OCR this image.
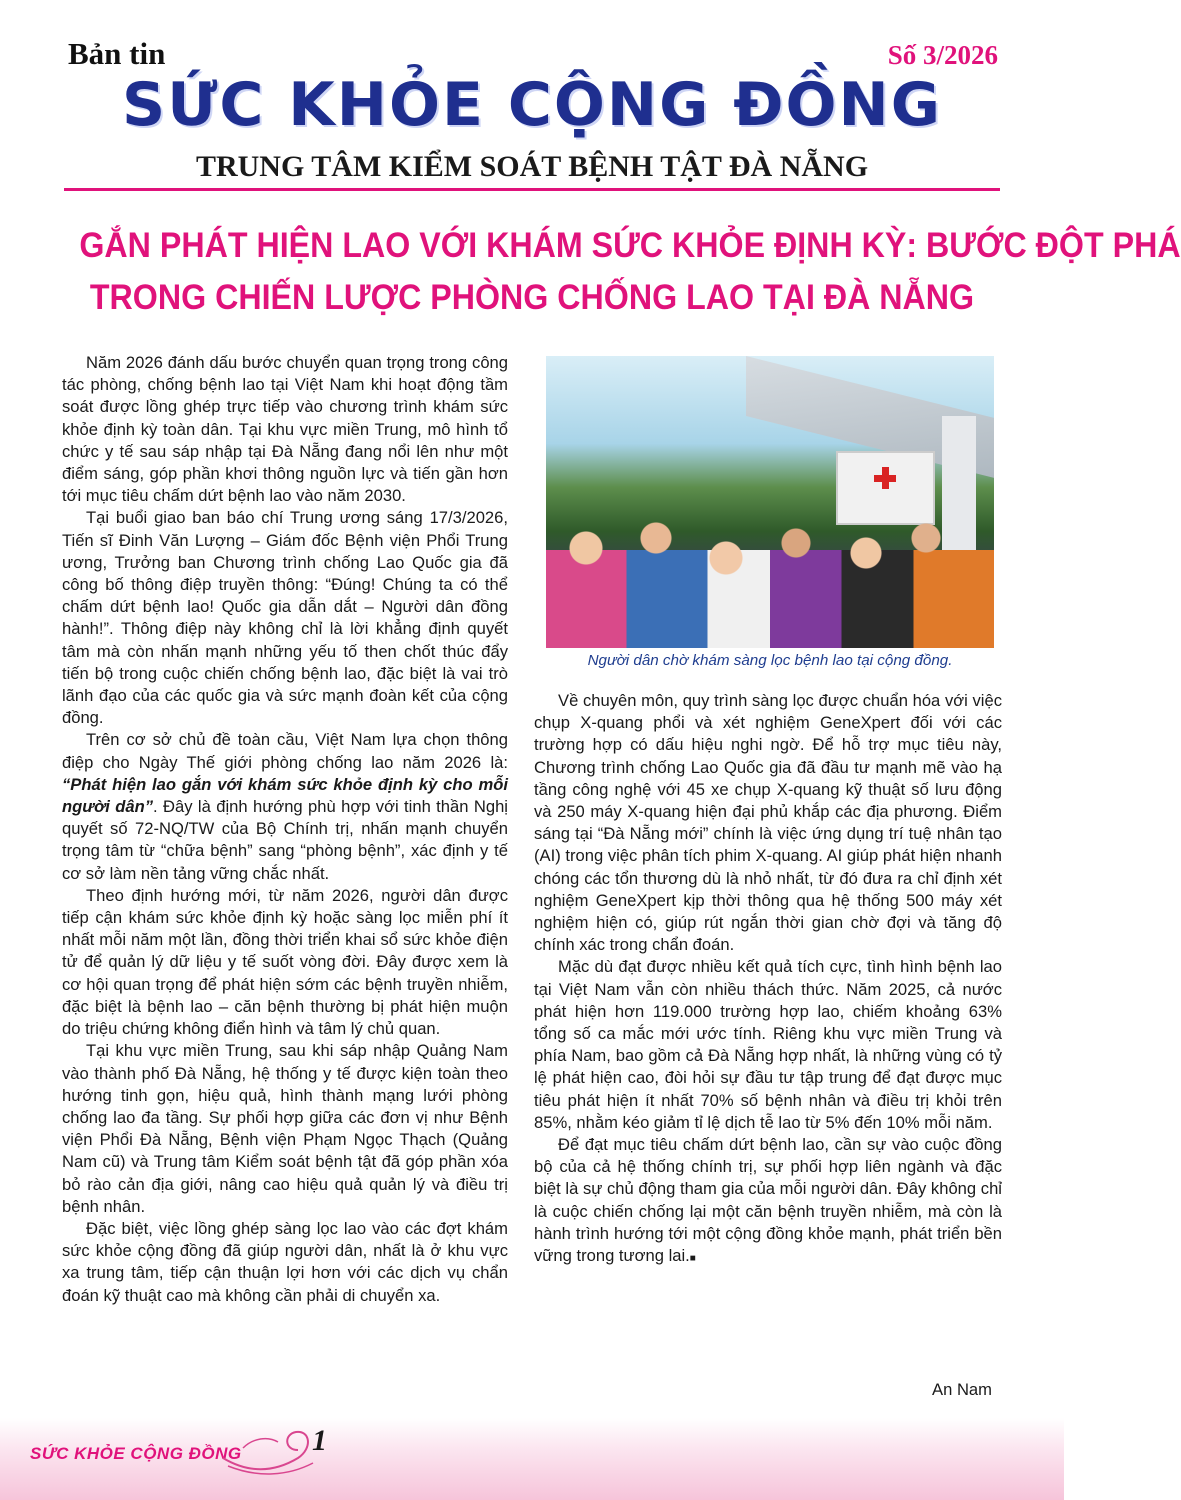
Bản tin	Số 3/2026
SỨC KHỎE CỘNG ĐỒNG
TRUNG TÂM KIỂM SOÁT BỆNH TẬT ĐÀ NẴNG
GẮN PHÁT HIỆN LAO VỚI KHÁM SỨC KHỎE ĐỊNH KỲ: BƯỚC ĐỘT PHÁ
TRONG CHIẾN LƯỢC PHÒNG CHỐNG LAO TẠI ĐÀ NẴNG

Năm 2026 đánh dấu bước chuyển quan trọng trong công tác phòng, chống bệnh lao tại Việt Nam khi hoạt động tầm soát được lồng ghép trực tiếp vào chương trình khám sức khỏe định kỳ toàn dân. Tại khu vực miền Trung, mô hình tổ chức y tế sau sáp nhập tại Đà Nẵng đang nổi lên như một điểm sáng, góp phần khơi thông nguồn lực và tiến gần hơn tới mục tiêu chấm dứt bệnh lao vào năm 2030.

Tại buổi giao ban báo chí Trung ương sáng 17/3/2026, Tiến sĩ Đinh Văn Lượng – Giám đốc Bệnh viện Phổi Trung ương, Trưởng ban Chương trình chống Lao Quốc gia đã công bố thông điệp truyền thông: “Đúng! Chúng ta có thể chấm dứt bệnh lao! Quốc gia dẫn dắt – Người dân đồng hành!”. Thông điệp này không chỉ là lời khẳng định quyết tâm mà còn nhấn mạnh những yếu tố then chốt thúc đẩy tiến bộ trong cuộc chiến chống bệnh lao, đặc biệt là vai trò lãnh đạo của các quốc gia và sức mạnh đoàn kết của cộng đồng.

Trên cơ sở chủ đề toàn cầu, Việt Nam lựa chọn thông điệp cho Ngày Thế giới phòng chống lao năm 2026 là: “Phát hiện lao gắn với khám sức khỏe định kỳ cho mỗi người dân”. Đây là định hướng phù hợp với tinh thần Nghị quyết số 72-NQ/TW của Bộ Chính trị, nhấn mạnh chuyển trọng tâm từ “chữa bệnh” sang “phòng bệnh”, xác định y tế cơ sở làm nền tảng vững chắc nhất.

Theo định hướng mới, từ năm 2026, người dân được tiếp cận khám sức khỏe định kỳ hoặc sàng lọc miễn phí ít nhất mỗi năm một lần, đồng thời triển khai sổ sức khỏe điện tử để quản lý dữ liệu y tế suốt vòng đời. Đây được xem là cơ hội quan trọng để phát hiện sớm các bệnh truyền nhiễm, đặc biệt là bệnh lao – căn bệnh thường bị phát hiện muộn do triệu chứng không điển hình và tâm lý chủ quan.

Tại khu vực miền Trung, sau khi sáp nhập Quảng Nam vào thành phố Đà Nẵng, hệ thống y tế được kiện toàn theo hướng tinh gọn, hiệu quả, hình thành mạng lưới phòng chống lao đa tầng. Sự phối hợp giữa các đơn vị như Bệnh viện Phổi Đà Nẵng, Bệnh viện Phạm Ngọc Thạch (Quảng Nam cũ) và Trung tâm Kiểm soát bệnh tật đã góp phần xóa bỏ rào cản địa giới, nâng cao hiệu quả quản lý và điều trị bệnh nhân.

Đặc biệt, việc lồng ghép sàng lọc lao vào các đợt khám sức khỏe cộng đồng đã giúp người dân, nhất là ở khu vực xa trung tâm, tiếp cận thuận lợi hơn với các dịch vụ chẩn đoán kỹ thuật cao mà không cần phải di chuyển xa.

Người dân chờ khám sàng lọc bệnh lao tại cộng đồng.

Về chuyên môn, quy trình sàng lọc được chuẩn hóa với việc chụp X-quang phổi và xét nghiệm GeneXpert đối với các trường hợp có dấu hiệu nghi ngờ. Để hỗ trợ mục tiêu này, Chương trình chống Lao Quốc gia đã đầu tư mạnh mẽ vào hạ tầng công nghệ với 45 xe chụp X-quang kỹ thuật số lưu động và 250 máy X-quang hiện đại phủ khắp các địa phương. Điểm sáng tại “Đà Nẵng mới” chính là việc ứng dụng trí tuệ nhân tạo (AI) trong việc phân tích phim X-quang. AI giúp phát hiện nhanh chóng các tổn thương dù là nhỏ nhất, từ đó đưa ra chỉ định xét nghiệm GeneXpert kịp thời thông qua hệ thống 500 máy xét nghiệm hiện có, giúp rút ngắn thời gian chờ đợi và tăng độ chính xác trong chẩn đoán.

Mặc dù đạt được nhiều kết quả tích cực, tình hình bệnh lao tại Việt Nam vẫn còn nhiều thách thức. Năm 2025, cả nước phát hiện hơn 119.000 trường hợp lao, chiếm khoảng 63% tổng số ca mắc mới ước tính. Riêng khu vực miền Trung và phía Nam, bao gồm cả Đà Nẵng hợp nhất, là những vùng có tỷ lệ phát hiện cao, đòi hỏi sự đầu tư tập trung để đạt được mục tiêu phát hiện ít nhất 70% số bệnh nhân và điều trị khỏi trên 85%, nhằm kéo giảm tỉ lệ dịch tễ lao từ 5% đến 10% mỗi năm.

Để đạt mục tiêu chấm dứt bệnh lao, cần sự vào cuộc đồng bộ của cả hệ thống chính trị, sự phối hợp liên ngành và đặc biệt là sự chủ động tham gia của mỗi người dân. Đây không chỉ là cuộc chiến chống lại một căn bệnh truyền nhiễm, mà còn là hành trình hướng tới một cộng đồng khỏe mạnh, phát triển bền vững trong tương lai.■

An Nam
SỨC KHỎE CỘNG ĐỒNG 1
